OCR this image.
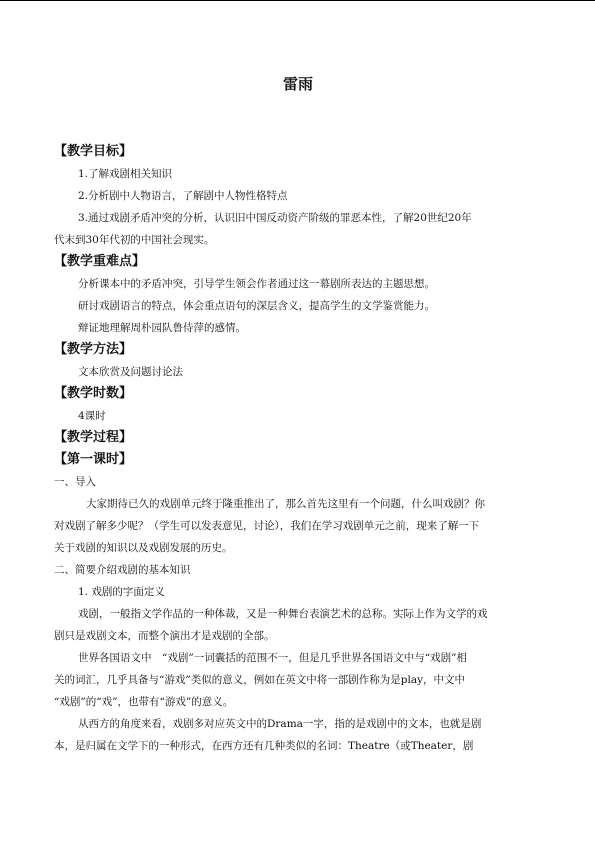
雷雨
【教学目标】
1.了解戏剧相关知识
2.分析剧中人物语言，了解剧中人物性格特点
3.通过戏剧矛盾冲突的分析，认识旧中国反动资产阶级的罪恶本性，了解20世纪20年
代末到30年代初的中国社会现实。
【教学重难点】
分析课本中的矛盾冲突，引导学生领会作者通过这一幕剧所表达的主题思想。
研讨戏剧语言的特点，体会重点语句的深层含义，提高学生的文学鉴赏能力。
辩证地理解周朴园队鲁侍萍的感情。
【教学方法】
文本欣赏及问题讨论法
【教学时数】
4课时
【教学过程】
【第一课时】
一、导入
大家期待已久的戏剧单元终于隆重推出了，那么首先这里有一个问题，什么叫戏剧？你
对戏剧了解多少呢？（学生可以发表意见，讨论），我们在学习戏剧单元之前，现来了解一下
关于戏剧的知识以及戏剧发展的历史。
二、简要介绍戏剧的基本知识
1. 戏剧的字面定义
戏剧，一般指文学作品的一种体裁，又是一种舞台表演艺术的总称。实际上作为文学的戏
剧只是戏剧文本，而整个演出才是戏剧的全部。
世界各国语文中　“戏剧”一词囊括的范围不一，但是几乎世界各国语文中与“戏剧”相
关的词汇，几乎具备与“游戏”类似的意义，例如在英文中将一部剧作称为是play，中文中
“戏剧”的“戏”，也带有“游戏”的意义。
从西方的角度来看，戏剧多对应英文中的Drama一字，指的是戏剧中的文本，也就是剧
本，是归属在文学下的一种形式，在西方还有几种类似的名词：Theatre（或Theater，剧
